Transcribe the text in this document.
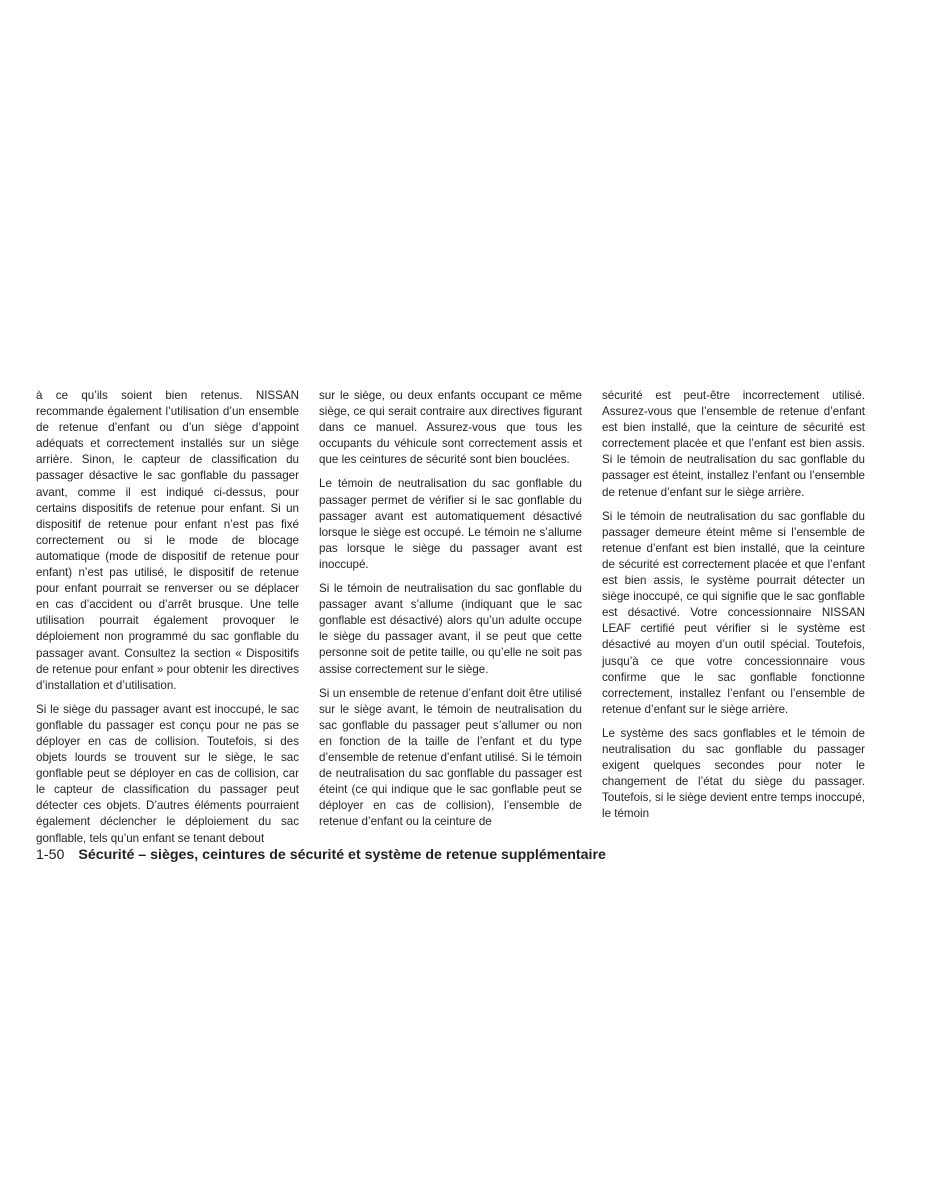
à ce qu’ils soient bien retenus. NISSAN recommande également l’utilisation d’un ensemble de retenue d’enfant ou d’un siège d’appoint adéquats et correctement installés sur un siège arrière. Sinon, le capteur de classification du passager désactive le sac gonflable du passager avant, comme il est indiqué ci-dessus, pour certains dispositifs de retenue pour enfant. Si un dispositif de retenue pour enfant n’est pas fixé correctement ou si le mode de blocage automatique (mode de dispositif de retenue pour enfant) n’est pas utilisé, le dispositif de retenue pour enfant pourrait se renverser ou se déplacer en cas d’accident ou d’arrêt brusque. Une telle utilisation pourrait également provoquer le déploiement non programmé du sac gonflable du passager avant. Consultez la section « Dispositifs de retenue pour enfant » pour obtenir les directives d’installation et d’utilisation.

Si le siège du passager avant est inoccupé, le sac gonflable du passager est conçu pour ne pas se déployer en cas de collision. Toutefois, si des objets lourds se trouvent sur le siège, le sac gonflable peut se déployer en cas de collision, car le capteur de classification du passager peut détecter ces objets. D’autres éléments pourraient également déclencher le déploiement du sac gonflable, tels qu’un enfant se tenant debout

sur le siège, ou deux enfants occupant ce même siège, ce qui serait contraire aux directives figurant dans ce manuel. Assurez-vous que tous les occupants du véhicule sont correctement assis et que les ceintures de sécurité sont bien bouclées.

Le témoin de neutralisation du sac gonflable du passager permet de vérifier si le sac gonflable du passager avant est automatiquement désactivé lorsque le siège est occupé. Le témoin ne s’allume pas lorsque le siège du passager avant est inoccupé.

Si le témoin de neutralisation du sac gonflable du passager avant s’allume (indiquant que le sac gonflable est désactivé) alors qu’un adulte occupe le siège du passager avant, il se peut que cette personne soit de petite taille, ou qu’elle ne soit pas assise correctement sur le siège.

Si un ensemble de retenue d’enfant doit être utilisé sur le siège avant, le témoin de neutralisation du sac gonflable du passager peut s’allumer ou non en fonction de la taille de l’enfant et du type d’ensemble de retenue d’enfant utilisé. Si le témoin de neutralisation du sac gonflable du passager est éteint (ce qui indique que le sac gonflable peut se déployer en cas de collision), l’ensemble de retenue d’enfant ou la ceinture de

sécurité est peut-être incorrectement utilisé. Assurez-vous que l’ensemble de retenue d’enfant est bien installé, que la ceinture de sécurité est correctement placée et que l’enfant est bien assis. Si le témoin de neutralisation du sac gonflable du passager est éteint, installez l’enfant ou l’ensemble de retenue d’enfant sur le siège arrière.

Si le témoin de neutralisation du sac gonflable du passager demeure éteint même si l’ensemble de retenue d’enfant est bien installé, que la ceinture de sécurité est correctement placée et que l’enfant est bien assis, le système pourrait détecter un siège inoccupé, ce qui signifie que le sac gonflable est désactivé. Votre concessionnaire NISSAN LEAF certifié peut vérifier si le système est désactivé au moyen d’un outil spécial. Toutefois, jusqu’à ce que votre concessionnaire vous confirme que le sac gonflable fonctionne correctement, installez l’enfant ou l’ensemble de retenue d’enfant sur le siège arrière.

Le système des sacs gonflables et le témoin de neutralisation du sac gonflable du passager exigent quelques secondes pour noter le changement de l’état du siège du passager. Toutefois, si le siège devient entre temps inoccupé, le témoin

1-50 Sécurité – sièges, ceintures de sécurité et système de retenue supplémentaire
